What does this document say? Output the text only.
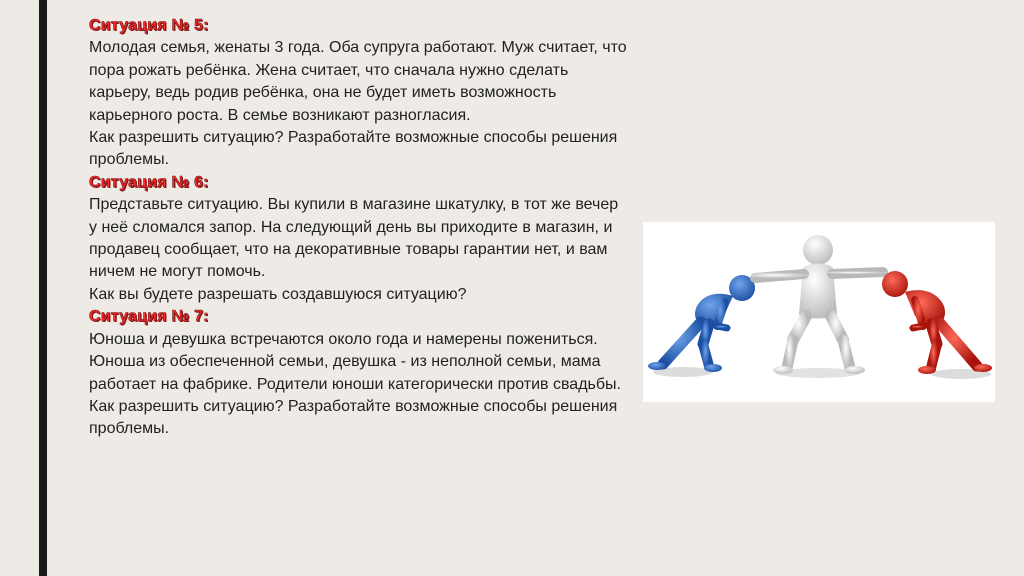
Ситуация № 5:

Молодая семья, женаты 3 года. Оба супруга работают. Муж считает, что пора рожать ребёнка. Жена считает, что сначала нужно сделать карьеру, ведь родив ребёнка, она не будет иметь возможность карьерного роста. В семье возникают разногласия.

Как разрешить ситуацию? Разработайте возможные способы решения проблемы.

Ситуация № 6:

Представьте ситуацию. Вы купили в магазине шкатулку, в тот же вечер у неё сломался запор. На следующий день вы приходите в магазин, и продавец сообщает, что на декоративные товары гарантии нет, и вам ничем не могут помочь.

Как вы будете разрешать создавшуюся ситуацию?

Ситуация № 7:

Юноша и девушка встречаются около года и намерены пожениться. Юноша из обеспеченной семьи, девушка - из неполной семьи, мама работает на фабрике. Родители юноши категорически против свадьбы.

Как разрешить ситуацию? Разработайте возможные способы решения проблемы.
